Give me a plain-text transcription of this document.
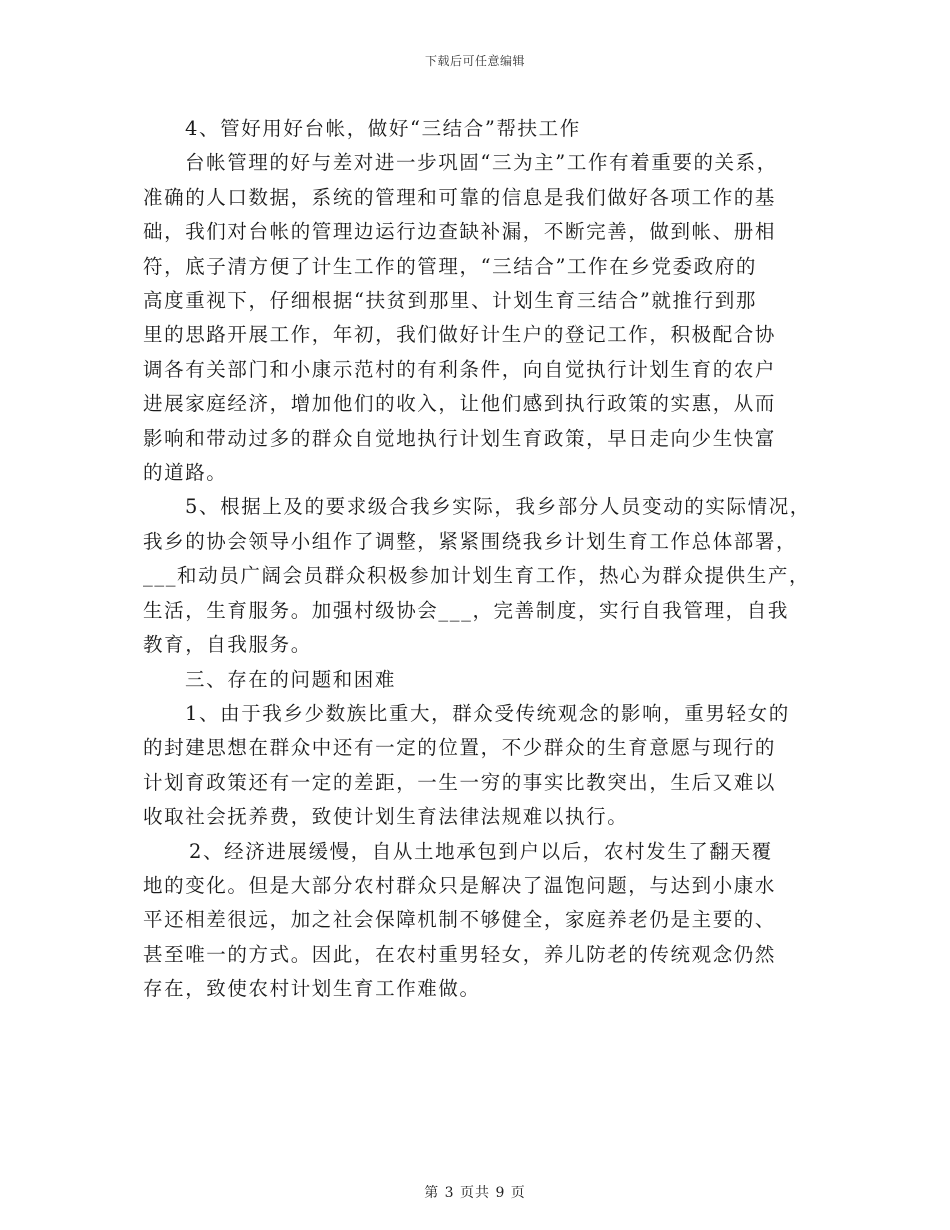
下载后可任意编辑

4、管好用好台帐，做好“三结合”帮扶工作

台帐管理的好与差对进一步巩固“三为主”工作有着重要的关系，
准确的人口数据，系统的管理和可靠的信息是我们做好各项工作的基
础，我们对台帐的管理边运行边查缺补漏，不断完善，做到帐、册相
符，底子清方便了计生工作的管理，“三结合”工作在乡党委政府的
高度重视下，仔细根据“扶贫到那里、计划生育三结合”就推行到那
里的思路开展工作，年初，我们做好计生户的登记工作，积极配合协
调各有关部门和小康示范村的有利条件，向自觉执行计划生育的农户
进展家庭经济，增加他们的收入，让他们感到执行政策的实惠，从而
影响和带动过多的群众自觉地执行计划生育政策，早日走向少生快富
的道路。

5、根据上及的要求级合我乡实际，我乡部分人员变动的实际情况，
我乡的协会领导小组作了调整，紧紧围绕我乡计划生育工作总体部署，
___和动员广阔会员群众积极参加计划生育工作，热心为群众提供生产，
生活，生育服务。加强村级协会___，完善制度，实行自我管理，自我
教育，自我服务。

三、存在的问题和困难

1、由于我乡少数族比重大，群众受传统观念的影响，重男轻女的
的封建思想在群众中还有一定的位置，不少群众的生育意愿与现行的
计划育政策还有一定的差距，一生一穷的事实比教突出，生后又难以
收取社会抚养费，致使计划生育法律法规难以执行。

2、经济进展缓慢，自从土地承包到户以后，农村发生了翻天覆
地的变化。但是大部分农村群众只是解决了温饱问题，与达到小康水
平还相差很远，加之社会保障机制不够健全，家庭养老仍是主要的、
甚至唯一的方式。因此，在农村重男轻女，养儿防老的传统观念仍然
存在，致使农村计划生育工作难做。

第 3 页共 9 页
